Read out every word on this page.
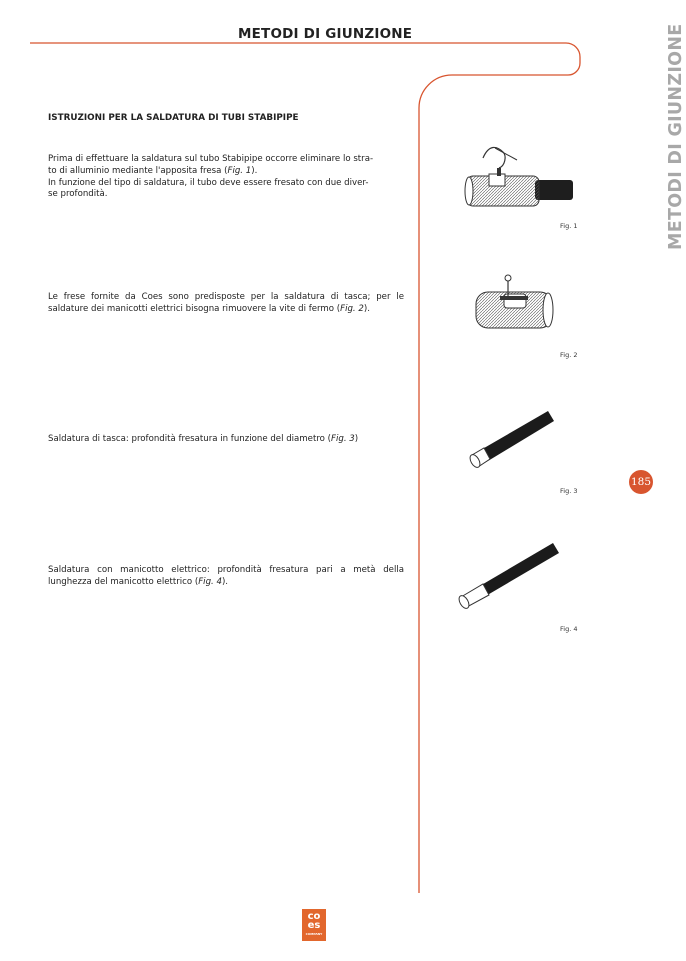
METODI DI GIUNZIONE	METODI DI GIUNZIONE
185
ISTRUZIONI PER LA SALDATURA DI TUBI STABIPIPE

Prima di effettuare la saldatura sul tubo Stabipipe occorre eliminare lo stra-

to di alluminio mediante l'apposita fresa (Fig. 1).

In funzione del tipo di saldatura, il tubo deve essere fresato con due diver-

se profondità.

Le frese fornite da Coes sono predisposte per la saldatura di tasca; per le saldature dei manicotti elettrici bisogna rimuovere la vite di fermo (Fig. 2).

Saldatura di tasca: profondità fresatura in funzione del diametro (Fig. 3)

Saldatura con manicotto elettrico: profondità fresatura pari a metà della lunghezza del manicotto elettrico (Fig. 4).

Fig. 1
Fig. 2
Fig. 3
Fig. 4
co
es
COMPANY
